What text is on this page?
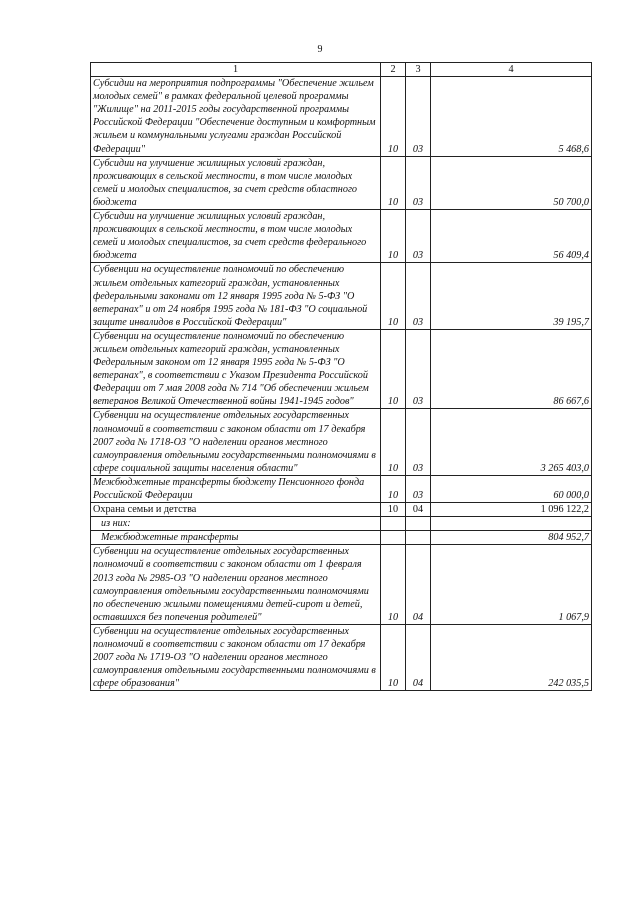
9
1	2	3	4
Субсидии на мероприятия подпрограммы "Обеспечение жильем молодых семей" в рамках федеральной целевой программы "Жилище" на 2011-2015 годы государственной программы Российской Федерации "Обеспечение доступным и комфортным жильем и коммунальными услугами граждан Российской Федерации"	10	03	5 468,6
Субсидии на улучшение жилищных условий граждан, проживающих в сельской местности, в том числе молодых семей и молодых специалистов, за счет средств областного бюджета	10	03	50 700,0
Субсидии на улучшение жилищных условий граждан, проживающих в сельской местности, в том числе молодых семей и молодых специалистов, за счет средств федерального бюджета	10	03	56 409,4
Субвенции на осуществление полномочий по обеспечению жильем отдельных категорий граждан, установленных федеральными законами от 12 января 1995 года № 5-ФЗ "О ветеранах" и от 24 ноября 1995 года № 181-ФЗ "О социальной защите инвалидов в Российской Федерации"	10	03	39 195,7
Субвенции на осуществление полномочий по обеспечению жильем отдельных категорий граждан, установленных Федеральным законом от 12 января 1995 года № 5-ФЗ "О ветеранах", в соответствии с Указом Президента Российской Федерации от 7 мая 2008 года № 714 "Об обеспечении жильем ветеранов Великой Отечественной войны 1941-1945 годов"	10	03	86 667,6
Субвенции на осуществление отдельных государственных полномочий в соответствии с законом области от 17 декабря 2007 года № 1718-ОЗ "О наделении органов местного самоуправления отдельными государственными полномочиями в сфере социальной защиты населения области"	10	03	3 265 403,0
Межбюджетные трансферты бюджету Пенсионного фонда Российской Федерации	10	03	60 000,0
Охрана семьи и детства	10	04	1 096 122,2
из них:			
Межбюджетные трансферты			804 952,7
Субвенции на осуществление отдельных государственных полномочий в соответствии с законом области от 1 февраля 2013 года № 2985-ОЗ "О наделении органов местного самоуправления отдельными государственными полномочиями по обеспечению жилыми помещениями детей-сирот и детей, оставшихся без попечения родителей"	10	04	1 067,9
Субвенции на осуществление отдельных государственных полномочий в соответствии с законом области от 17 декабря 2007 года № 1719-ОЗ "О наделении органов местного самоуправления отдельными государственными полномочиями в сфере образования"	10	04	242 035,5
